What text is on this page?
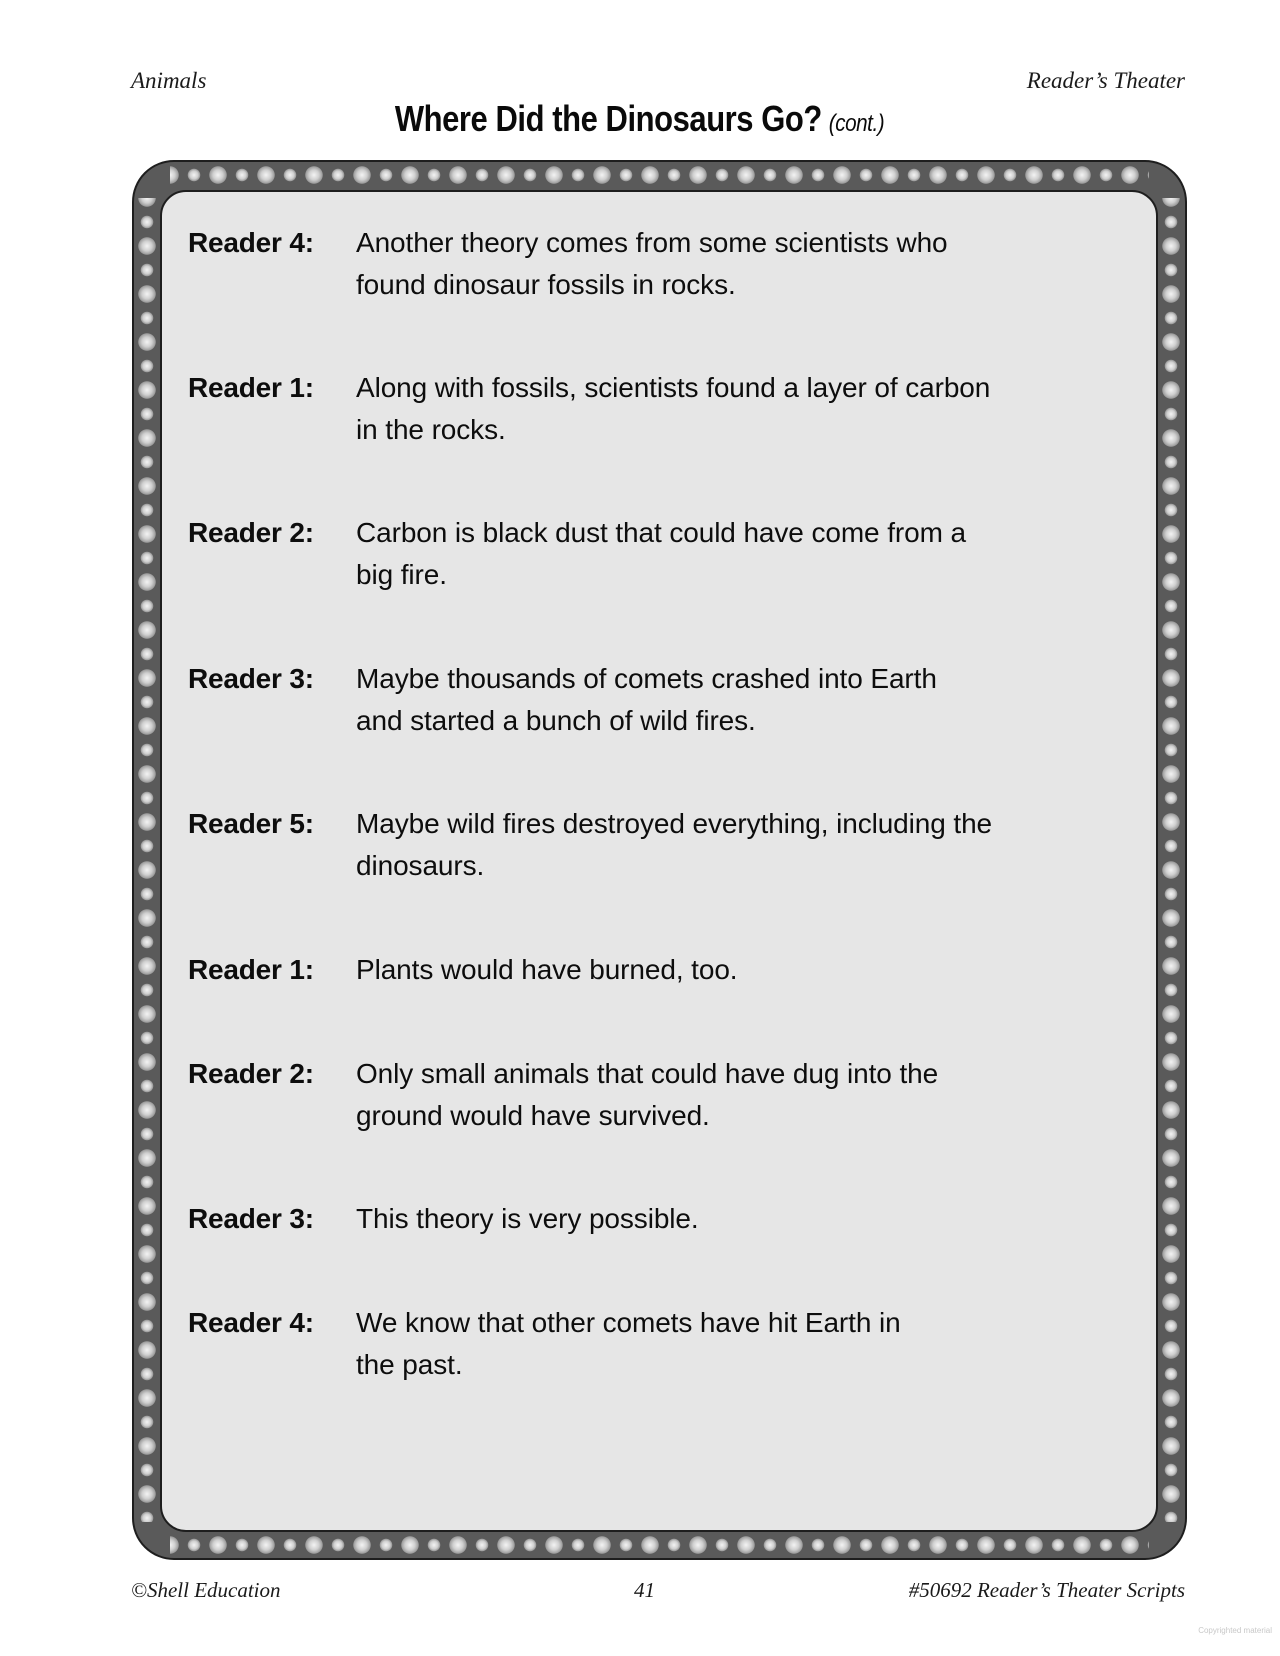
Animals	Reader’s Theater
Where Did the Dinosaurs Go? (cont.)
Reader 4:	Another theory comes from some scientists who
found dinosaur fossils in rocks.
Reader 1:	Along with fossils, scientists found a layer of carbon
in the rocks.
Reader 2:	Carbon is black dust that could have come from a
big fire.
Reader 3:	Maybe thousands of comets crashed into Earth
and started a bunch of wild fires.
Reader 5:	Maybe wild fires destroyed everything, including the
dinosaurs.
Reader 1:	Plants would have burned, too.
Reader 2:	Only small animals that could have dug into the
ground would have survived.
Reader 3:	This theory is very possible.
Reader 4:	We know that other comets have hit Earth in
the past.
©Shell Education	41	#50692 Reader’s Theater Scripts
Copyrighted material
